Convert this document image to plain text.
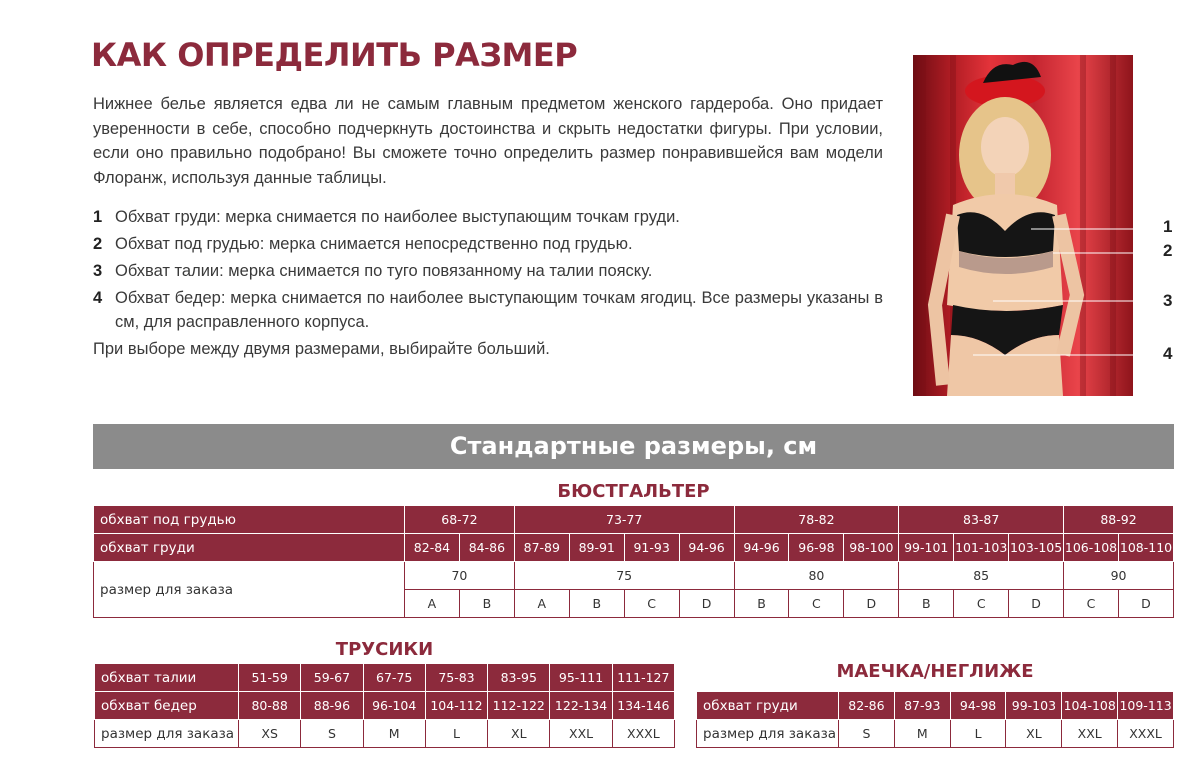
КАК ОПРЕДЕЛИТЬ РАЗМЕР

Нижнее белье является едва ли не самым главным предметом женского гардероба. Оно придает уверенности в себе, способно подчеркнуть достоинства и скрыть недостатки фигуры. При условии, если оно правильно подобрано! Вы сможете точно определить размер понравившейся вам модели Флоранж, используя данные таблицы.

1 Обхват груди: мерка снимается по наиболее выступающим точкам груди.
2 Обхват под грудью: мерка снимается непосредственно под грудью.
3 Обхват талии: мерка снимается по туго повязанному на талии пояску.
4 Обхват бедер: мерка снимается по наиболее выступающим точкам ягодиц. Все размеры указаны в см, для расправленного корпуса.
При выборе между двумя размерами, выбирайте больший.
1
2
3
4
Стандартные размеры, см
БЮСТГАЛЬТЕР
обхват под грудью	68-72		73-77				78-82			83-87			88-92	
обхват груди	82-84	84-86	87-89	89-91	91-93	94-96	94-96	96-98	98-100	99-101	101-103	103-105	106-108	108-110
размер для заказа	70		75				80			85			90	
	A	B	A	B	C	D	B	C	D	B	C	D	C	D
ТРУСИКИ
обхват талии	51-59	59-67	67-75	75-83	83-95	95-111	111-127
обхват бедер	80-88	88-96	96-104	104-112	112-122	122-134	134-146
размер для заказа	XS	S	M	L	XL	XXL	XXXL
МАЕЧКА/НЕГЛИЖЕ
обхват груди	82-86	87-93	94-98	99-103	104-108	109-113
размер для заказа	S	M	L	XL	XXL	XXXL
